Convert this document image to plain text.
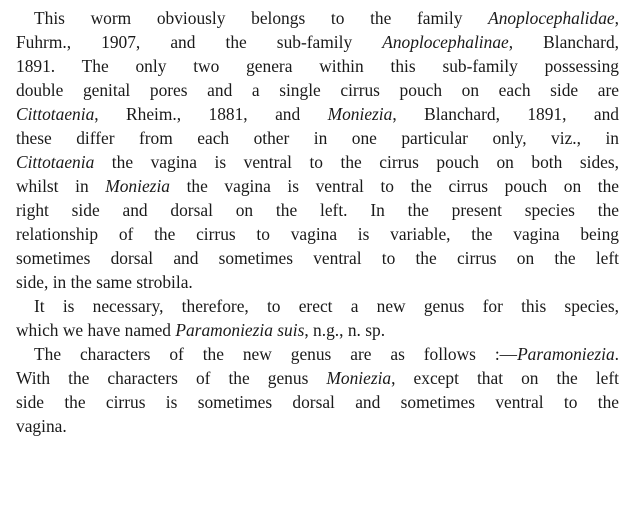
This worm obviously belongs to the family Anoplocephalidae,
Fuhrm., 1907, and the sub-family Anoplocephalinae, Blanchard,
1891. The only two genera within this sub-family possessing
double genital pores and a single cirrus pouch on each side are
Cittotaenia, Rheim., 1881, and Moniezia, Blanchard, 1891, and
these differ from each other in one particular only, viz., in
Cittotaenia the vagina is ventral to the cirrus pouch on both sides,
whilst in Moniezia the vagina is ventral to the cirrus pouch on the
right side and dorsal on the left. In the present species the
relationship of the cirrus to vagina is variable, the vagina being
sometimes dorsal and sometimes ventral to the cirrus on the left
side, in the same strobila.
It is necessary, therefore, to erect a new genus for this species,
which we have named Paramoniezia suis, n.g., n. sp.
The characters of the new genus are as follows :—Paramoniezia.
With the characters of the genus Moniezia, except that on the left
side the cirrus is sometimes dorsal and sometimes ventral to the
vagina.
